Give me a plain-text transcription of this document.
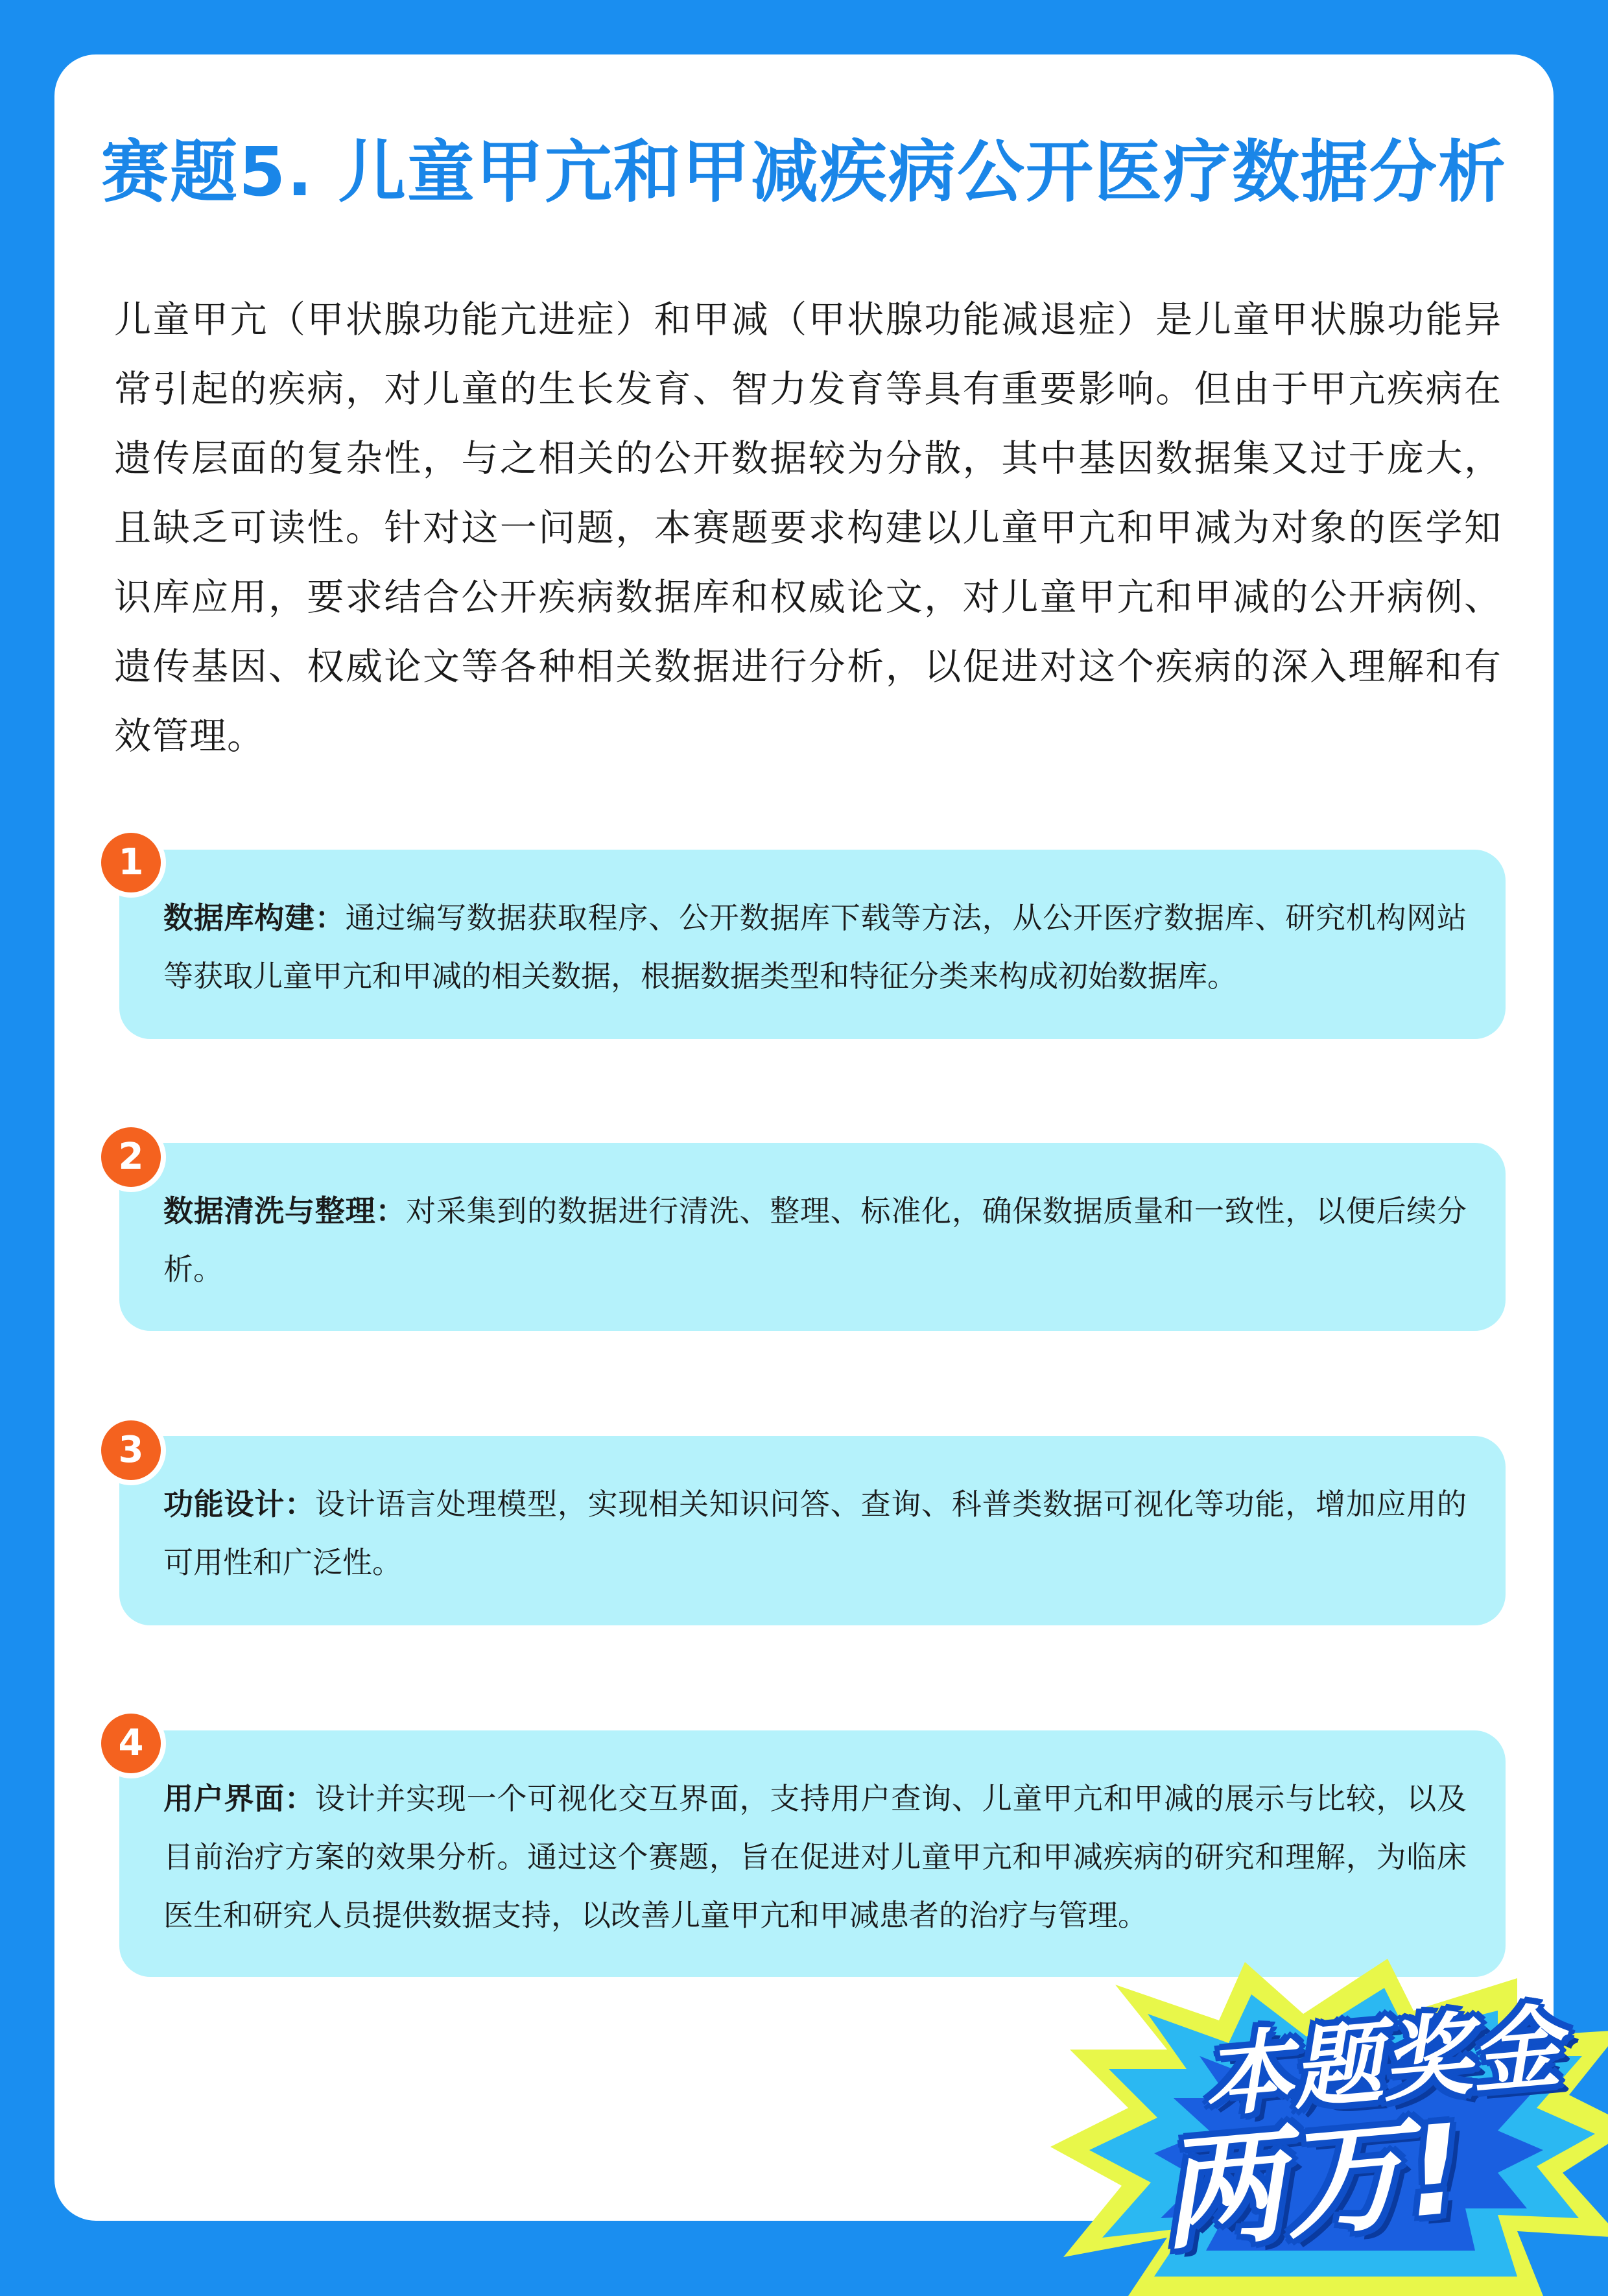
赛题5. 儿童甲亢和甲减疾病公开医疗数据分析

儿童甲亢（甲状腺功能亢进症）和甲减（甲状腺功能减退症）是儿童甲状腺功能异常引起的疾病，对儿童的生长发育、智力发育等具有重要影响。但由于甲亢疾病在遗传层面的复杂性，与之相关的公开数据较为分散，其中基因数据集又过于庞大，且缺乏可读性。针对这一问题，本赛题要求构建以儿童甲亢和甲减为对象的医学知识库应用，要求结合公开疾病数据库和权威论文，对儿童甲亢和甲减的公开病例、遗传基因、权威论文等各种相关数据进行分析，以促进对这个疾病的深入理解和有效管理。

数据库构建：通过编写数据获取程序、公开数据库下载等方法，从公开医疗数据库、研究机构网站等获取儿童甲亢和甲减的相关数据，根据数据类型和特征分类来构成初始数据库。

1

数据清洗与整理：对采集到的数据进行清洗、整理、标准化，确保数据质量和一致性，以便后续分析。

2

功能设计：设计语言处理模型，实现相关知识问答、查询、科普类数据可视化等功能，增加应用的可用性和广泛性。

3

用户界面：设计并实现一个可视化交互界面，支持用户查询、儿童甲亢和甲减的展示与比较，以及目前治疗方案的效果分析。通过这个赛题，旨在促进对儿童甲亢和甲减疾病的研究和理解，为临床医生和研究人员提供数据支持，以改善儿童甲亢和甲减患者的治疗与管理。

4
本题奖金
两万!
